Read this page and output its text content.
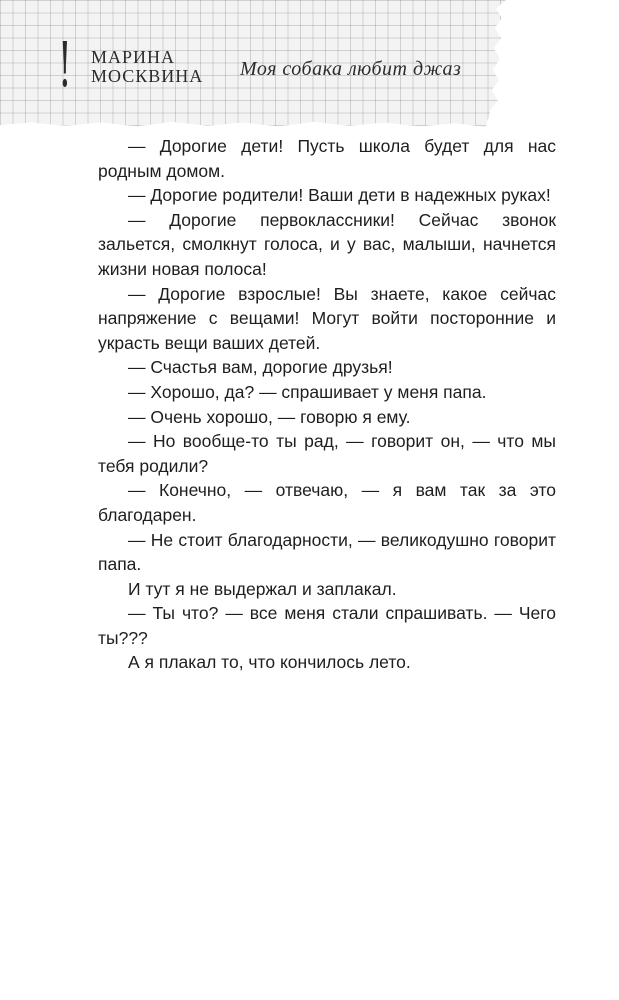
! МАРИНА
МОСКВИНА Моя собака любит джаз

— Дорогие дети! Пусть школа будет для нас родным домом.

— Дорогие родители! Ваши дети в надежных руках!

— Дорогие первоклассники! Сейчас звонок зальется, смолкнут голоса, и у вас, малыши, начнется жизни новая полоса!

— Дорогие взрослые! Вы знаете, какое сейчас напряжение с вещами! Могут войти посторонние и украсть вещи ваших детей.

— Счастья вам, дорогие друзья!

— Хорошо, да? — спрашивает у меня папа.

— Очень хорошо, — говорю я ему.

— Но вообще-то ты рад, — говорит он, — что мы тебя родили?

— Конечно, — отвечаю, — я вам так за это благодарен.

— Не стоит благодарности, — великодушно говорит папа.

И тут я не выдержал и заплакал.

— Ты что? — все меня стали спрашивать. — Чего ты???

А я плакал то, что кончилось лето.
